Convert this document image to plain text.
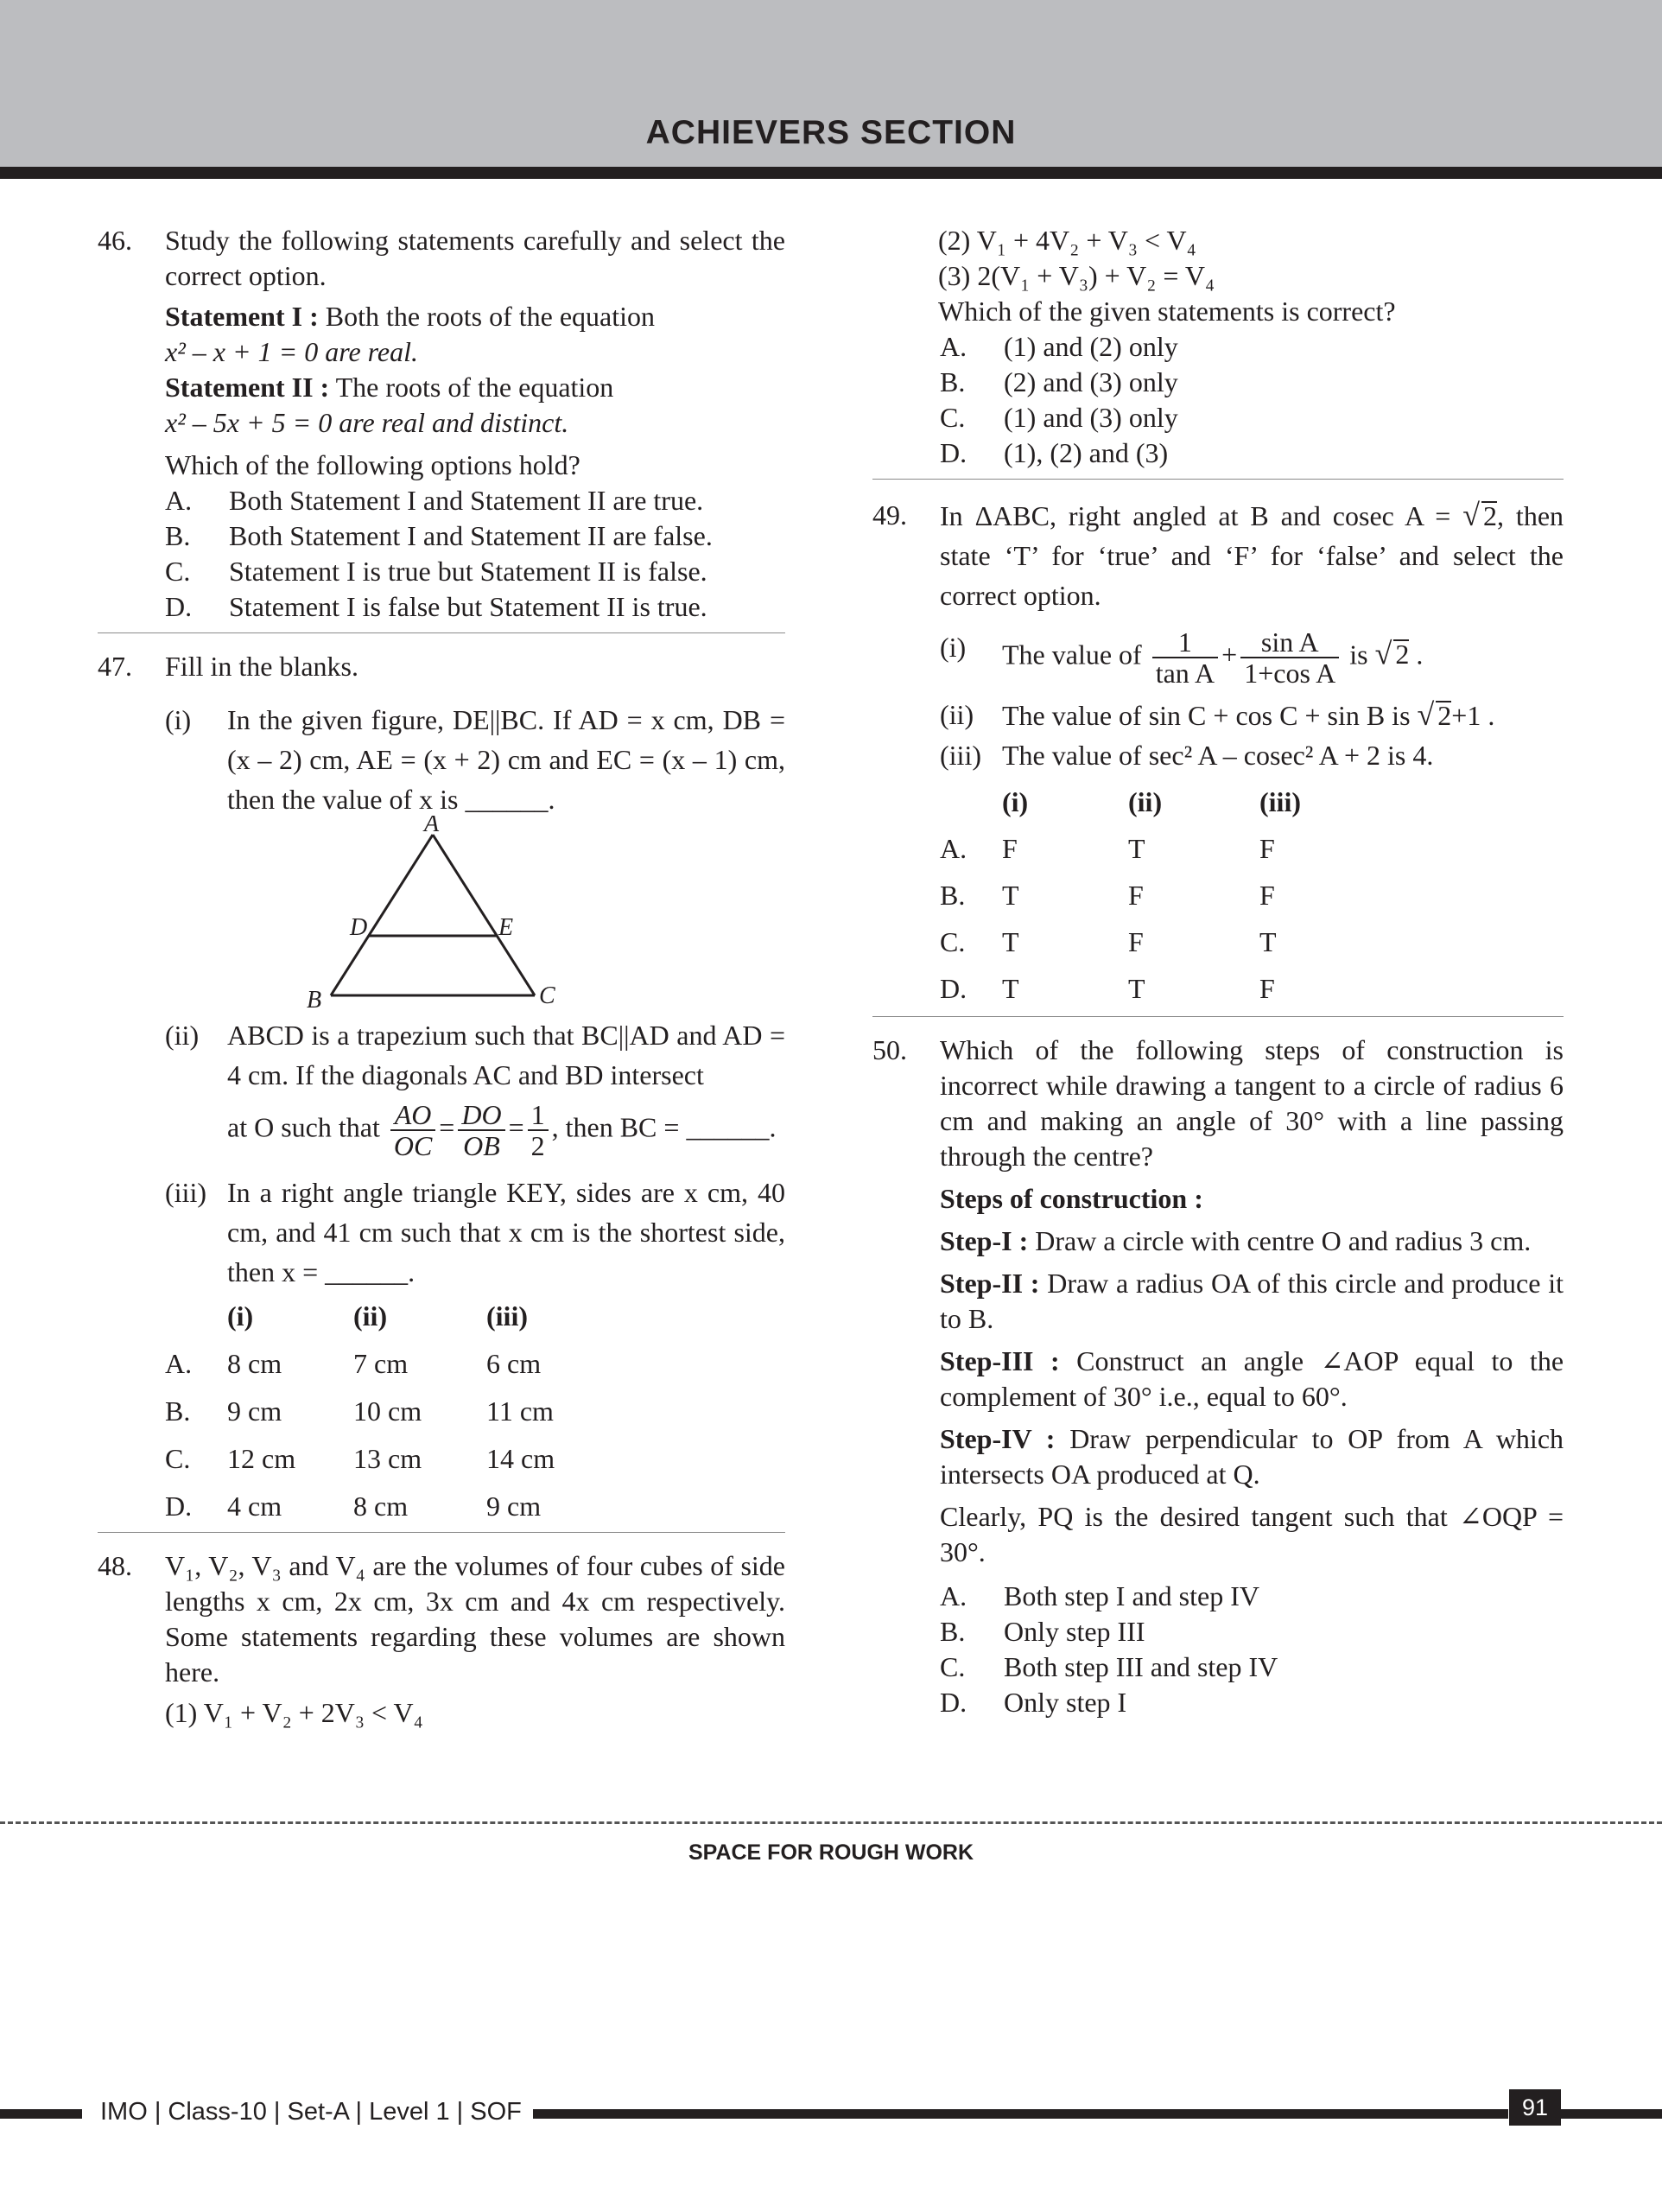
ACHIEVERS SECTION
46. Study the following statements carefully and select the correct option.

Statement I : Both the roots of the equation
x² – x + 1 = 0 are real.

Statement II : The roots of the equation
x² – 5x + 5 = 0 are real and distinct.

Which of the following options hold?

A.	Both Statement I and Statement II are true.
B.	Both Statement I and Statement II are false.
C.	Statement I is true but Statement II is false.
D.	Statement I is false but Statement II is true.
47. Fill in the blanks.

(i)	In the given figure, DE||BC. If AD = x cm, DB = (x – 2) cm, AE = (x + 2) cm and EC = (x – 1) cm, then the value of x is ______.
A
B	C
D	E
(ii)	ABCD is a trapezium such that BC||AD and AD = 4 cm. If the diagonals AC and BD intersect
at O such that $\frac{AO}{OC} = \frac{DO}{OB} = \frac{1}{2}$ , then BC = ______.
(iii) In a right angle triangle KEY, sides are x cm, 40 cm, and 41 cm such that x cm is the shortest side, then x = ______.
(i)	(ii)	(iii)
A.	8 cm	7 cm	6 cm
B.	9 cm	10 cm	11 cm
C.	12 cm	13 cm	14 cm
D.	4 cm	8 cm	9 cm
48. V₁, V₂, V₃ and V₄ are the volumes of four cubes of side lengths x cm, 2x cm, 3x cm and 4x cm respectively. Some statements regarding these volumes are shown here.

(1) V₁ + V₂ + 2V₃ < V₄

(2) V₁ + 4V₂ + V₃ < V₄

(3) 2(V₁ + V₃) + V₂ = V₄

Which of the given statements is correct?

A.	(1) and (2) only
B.	(2) and (3) only
C.	(1) and (3) only
D.	(1), (2) and (3)
49. In ΔABC, right angled at B and cosec A = √ 2, then state ‘T’ for ‘true’ and ‘F’ for ‘false’ and select the correct option.

(i)	The value of $\frac{1}{\text{tan A}} + \frac{\text{sin A}}{\text{1+cos A}}$ is √ 2 .
(ii)	The value of sin C + cos C + sin B is √ 2+1 .
(iii) The value of sec² A – cosec² A + 2 is 4.
(i)	(ii)	(iii)
A.	F	T	F
B.	T	F	F
C.	T	F	T
D.	T	T	F
50. Which of the following steps of construction is incorrect while drawing a tangent to a circle of radius 6 cm and making an angle of 30° with a line passing through the centre?

Steps of construction :

Step-I : Draw a circle with centre O and radius 3 cm.

Step-II : Draw a radius OA of this circle and produce it to B.

Step-III : Construct an angle ∠AOP equal to the complement of 30° i.e., equal to 60°.

Step-IV : Draw perpendicular to OP from A which intersects OA produced at Q.

Clearly, PQ is the desired tangent such that ∠OQP = 30°.

A.	Both step I and step IV
B.	Only step III
C.	Both step III and step IV
D.	Only step I
SPACE FOR ROUGH WORK
IMO | Class-10 | Set-A | Level 1 | SOF	91
